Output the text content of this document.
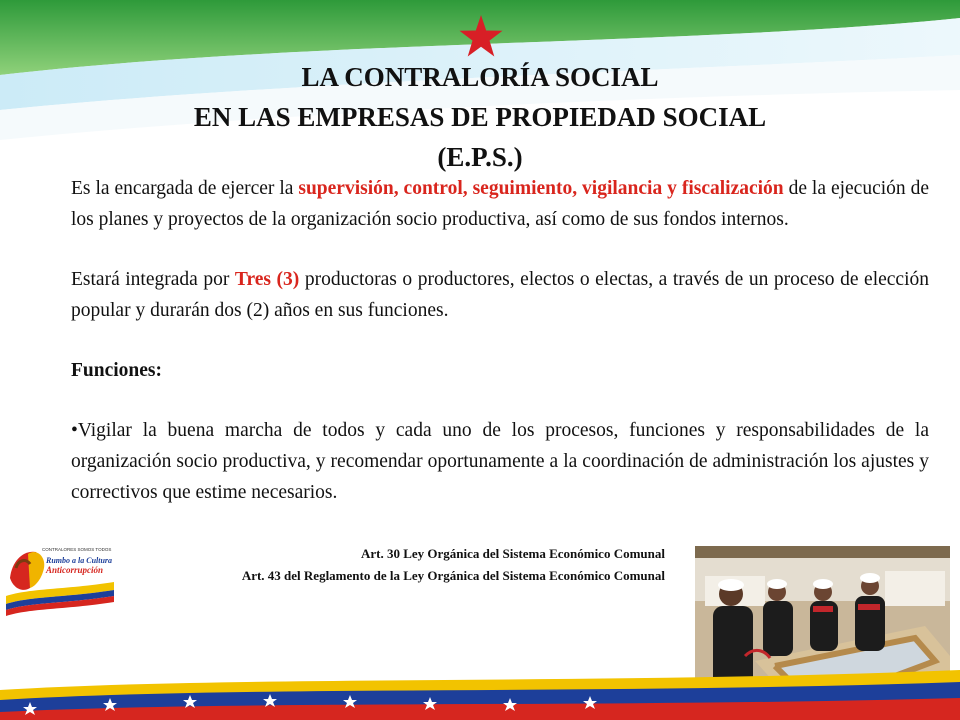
LA CONTRALORÍA SOCIAL
EN LAS EMPRESAS DE PROPIEDAD SOCIAL
(E.P.S.)

Es la encargada de ejercer la supervisión, control, seguimiento, vigilancia y fiscalización de la ejecución de los planes y proyectos de la organización socio productiva, así como de sus fondos internos.

Estará integrada por Tres (3) productoras o productores, electos o electas, a través de un proceso de elección popular y durarán dos (2) años en sus funciones.

Funciones:

•Vigilar la buena marcha de todos y cada uno de los procesos, funciones y responsabilidades de la organización socio productiva, y recomendar oportunamente a la coordinación de administración los ajustes y correctivos que estime necesarios.

Art. 30 Ley Orgánica del Sistema Económico Comunal
Art. 43 del Reglamento de la Ley Orgánica del Sistema Económico Comunal
CONTRALORES SOMOS TODOS
Rumbo a la Cultura
Anticorrupción
